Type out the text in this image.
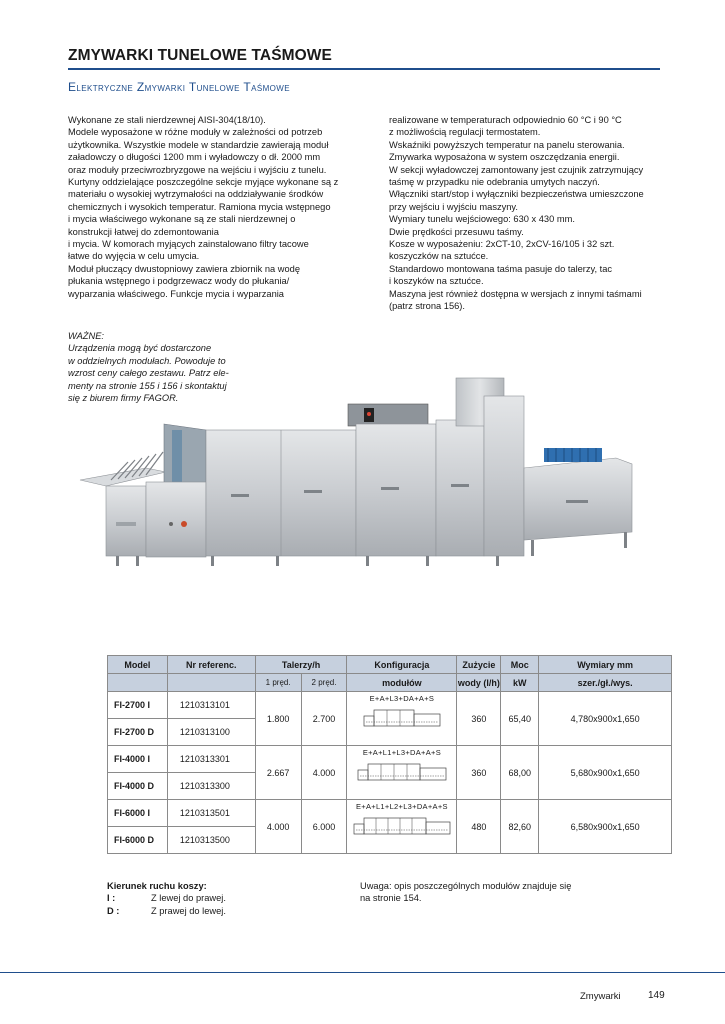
ZMYWARKI TUNELOWE TAŚMOWE
Elektryczne Zmywarki Tunelowe Taśmowe

Wykonane ze stali nierdzewnej AISI-304(18/10).

Modele wyposażone w różne moduły w zależności od potrzeb

użytkownika. Wszystkie modele w standardzie zawierają moduł

załadowczy o długości 1200 mm i wyładowczy o dł. 2000 mm

oraz moduły przeciwrozbryzgowe na wejściu i wyjściu z tunelu.

Kurtyny oddzielające poszczególne sekcje myjące wykonane są z

materiału o wysokiej wytrzymałości na oddziaływanie środków

chemicznych i wysokich temperatur. Ramiona mycia wstępnego

i mycia właściwego wykonane są ze stali nierdzewnej o

konstrukcji łatwej do zdemontowania

i mycia. W komorach myjących zainstalowano filtry tacowe

łatwe do wyjęcia w celu umycia.

Moduł płuczący dwustopniowy zawiera zbiornik na wodę

płukania wstępnego i podgrzewacz wody do płukania/

wyparzania właściwego. Funkcje mycia i wyparzania

realizowane w temperaturach odpowiednio 60 °C i 90 °C

z możliwością regulacji termostatem.

Wskaźniki powyższych temperatur na panelu sterowania.

Zmywarka wyposażona w system oszczędzania energii.

W sekcji wyładowczej zamontowany jest czujnik zatrzymujący

taśmę w przypadku nie odebrania umytych naczyń.

Włączniki start/stop i wyłączniki bezpieczeństwa umieszczone

przy wejściu i wyjściu maszyny.

Wymiary tunelu wejściowego: 630 x 430 mm.

Dwie prędkości przesuwu taśmy.

Kosze w wyposażeniu: 2xCT-10, 2xCV-16/105 i 32 szt.

koszyczków na sztućce.

Standardowo montowana taśma pasuje do talerzy, tac

i koszyków na sztućce.

Maszyna jest również dostępna w wersjach z innymi taśmami

(patrz strona 156).

WAŻNE:

Urządzenia mogą być dostarczone

w oddzielnych modułach. Powoduje to

wzrost ceny całego zestawu. Patrz ele-

menty na stronie 155 i 156 i skontaktuj

się z biurem firmy FAGOR.

Model	Nr referenc.	Talerzy/h		Konfiguracja	Zużycie	Moc	Wymiary mm
		1 pręd.	2 pręd.	modułów	wody (l/h)	kW	szer./gł./wys.
FI-2700 I	1210313101	1.800	2.700	E+A+L3+DA+A+S	360	65,40	4,780x900x1,650
FI-2700 D	1210313100						
FI-4000 I	1210313301	2.667	4.000	E+A+L1+L3+DA+A+S	360	68,00	5,680x900x1,650
FI-4000 D	1210313300						
FI-6000 I	1210313501	4.000	6.000	E+A+L1+L2+L3+DA+A+S	480	82,60	6,580x900x1,650
FI-6000 D	1210313500						
Kierunek ruchu koszy:
I :	Z lewej do prawej.
D :	Z prawej do lewej.
Uwaga: opis poszczególnych modułów znajduje się
na stronie 154.
Zmywarki	149
